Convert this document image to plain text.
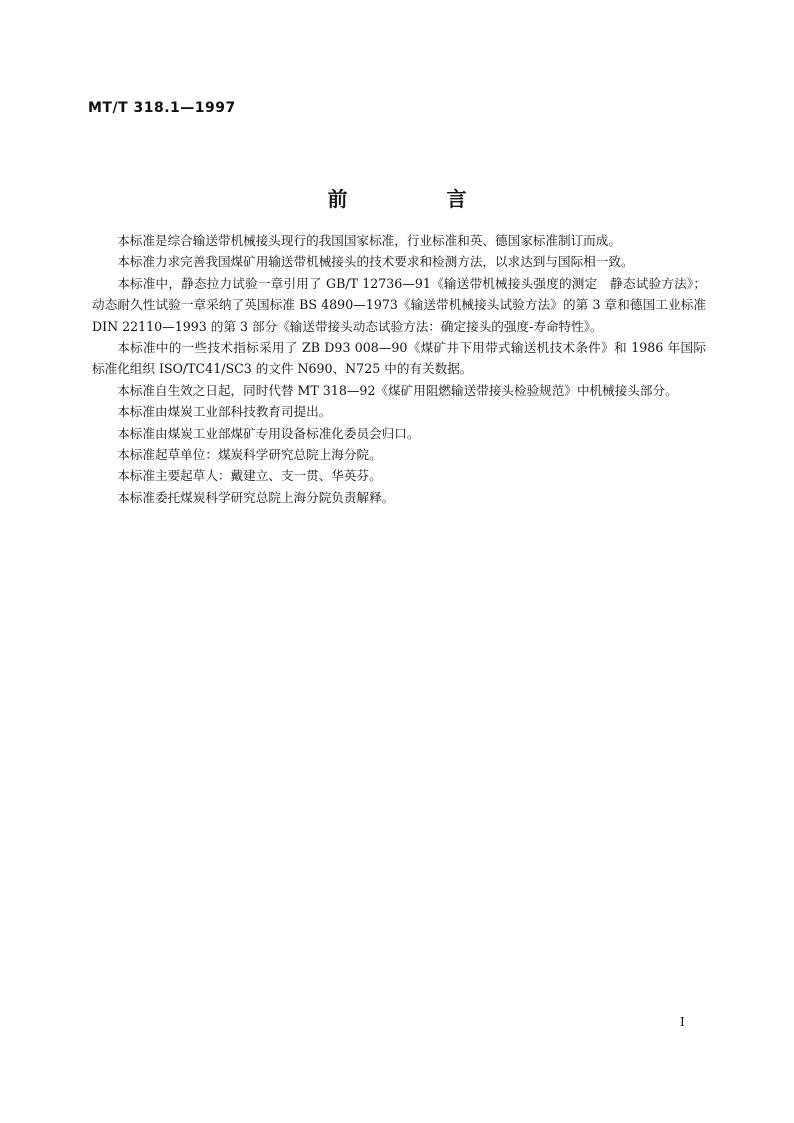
MT/T 318.1—1997
前 言

本标准是综合输送带机械接头现行的我国国家标准，行业标准和英、德国家标准制订而成。

本标准力求完善我国煤矿用输送带机械接头的技术要求和检测方法，以求达到与国际相一致。

本标准中，静态拉力试验一章引用了 GB/T 12736—91《输送带机械接头强度的测定　静态试验方法》；动态耐久性试验一章采纳了英国标准 BS 4890—1973《输送带机械接头试验方法》的第 3 章和德国工业标准 DIN 22110—1993 的第 3 部分《输送带接头动态试验方法：确定接头的强度-寿命特性》。

本标准中的一些技术指标采用了 ZB D93 008—90《煤矿井下用带式输送机技术条件》和 1986 年国际标准化组织 ISO/TC41/SC3 的文件 N690、N725 中的有关数据。

本标准自生效之日起，同时代替 MT 318—92《煤矿用阻燃输送带接头检验规范》中机械接头部分。

本标准由煤炭工业部科技教育司提出。

本标准由煤炭工业部煤矿专用设备标准化委员会归口。

本标准起草单位：煤炭科学研究总院上海分院。

本标准主要起草人：戴建立、支一贯、华英芬。

本标准委托煤炭科学研究总院上海分院负责解释。

I
